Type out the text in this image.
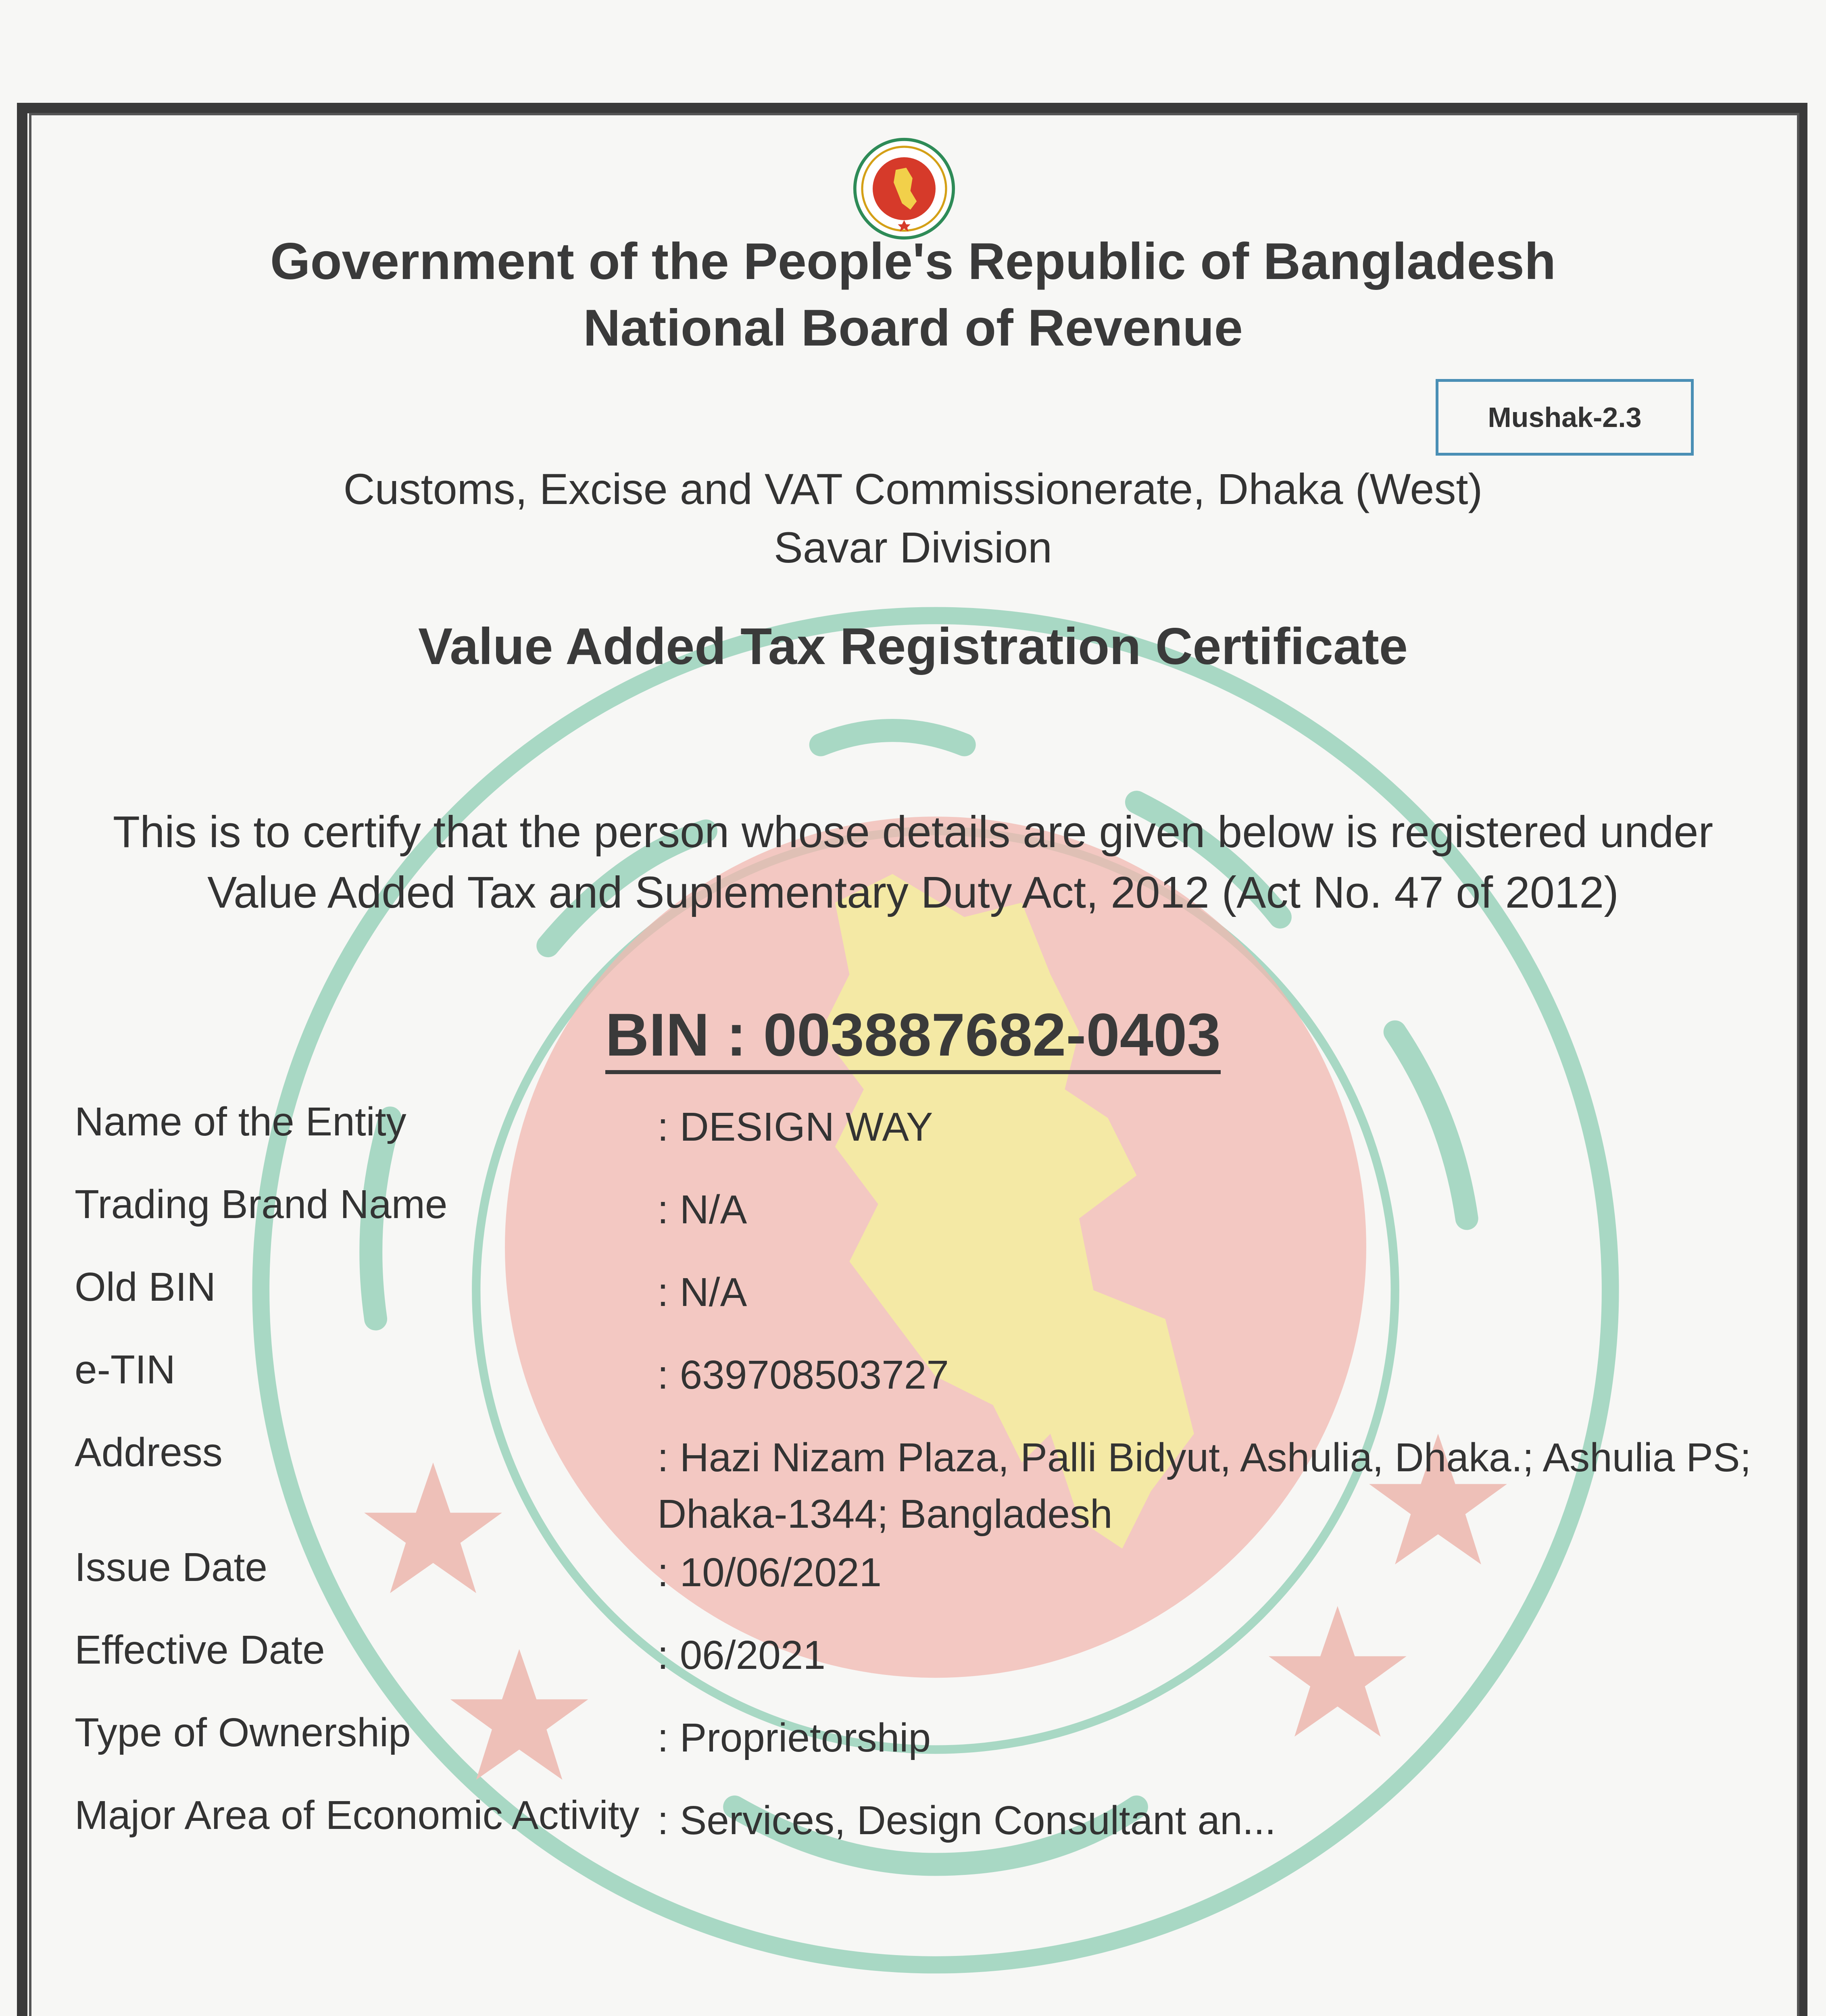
Government of the People's Republic of Bangladesh
National Board of Revenue
Mushak-2.3
Customs, Excise and VAT Commissionerate, Dhaka (West)
Savar Division
Value Added Tax Registration Certificate
This is to certify that the person whose details are given below is registered under
Value Added Tax and Suplementary Duty Act, 2012 (Act No. 47 of 2012)
BIN : 003887682-0403
Name of the Entity	: DESIGN WAY
Trading Brand Name	: N/A
Old BIN	: N/A
e-TIN	: 639708503727
Address	: Hazi Nizam Plaza, Palli Bidyut, Ashulia, Dhaka.; Ashulia PS; Dhaka-1344; Bangladesh
Issue Date	: 10/06/2021
Effective Date	: 06/2021
Type of Ownership	: Proprietorship
Major Area of Economic Activity : Services, Design Consultant an...
